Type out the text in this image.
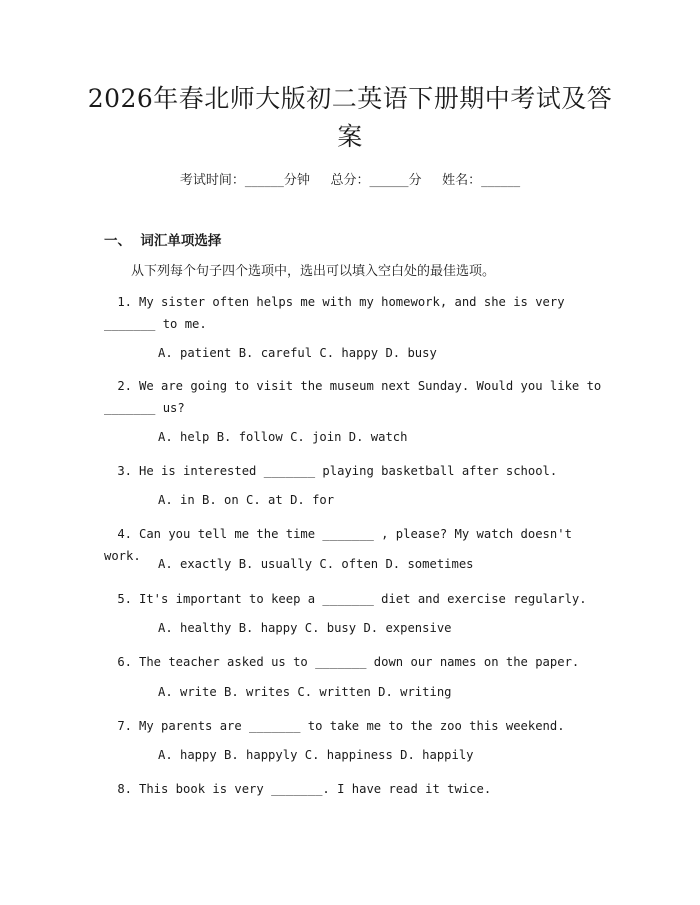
2026年春北师大版初二英语下册期中考试及答案
考试时间：______分钟     总分：______分     姓名：______
一、  词汇单项选择
从下列每个句子四个选项中，选出可以填入空白处的最佳选项。
1. My sister often helps me with my homework, and she is very _______ to me.
A. patient B. careful C. happy D. busy
2. We are going to visit the museum next Sunday. Would you like to _______ us?
A. help B. follow C. join D. watch
3. He is interested _______ playing basketball after school.
A. in B. on C. at D. for
4. Can you tell me the time _______ , please? My watch doesn't work.
A. exactly B. usually C. often D. sometimes
5. It's important to keep a _______ diet and exercise regularly.
A. healthy B. happy C. busy D. expensive
6. The teacher asked us to _______ down our names on the paper.
A. write B. writes C. written D. writing
7. My parents are _______ to take me to the zoo this weekend.
A. happy B. happyly C. happiness D. happily
8. This book is very _______. I have read it twice.
